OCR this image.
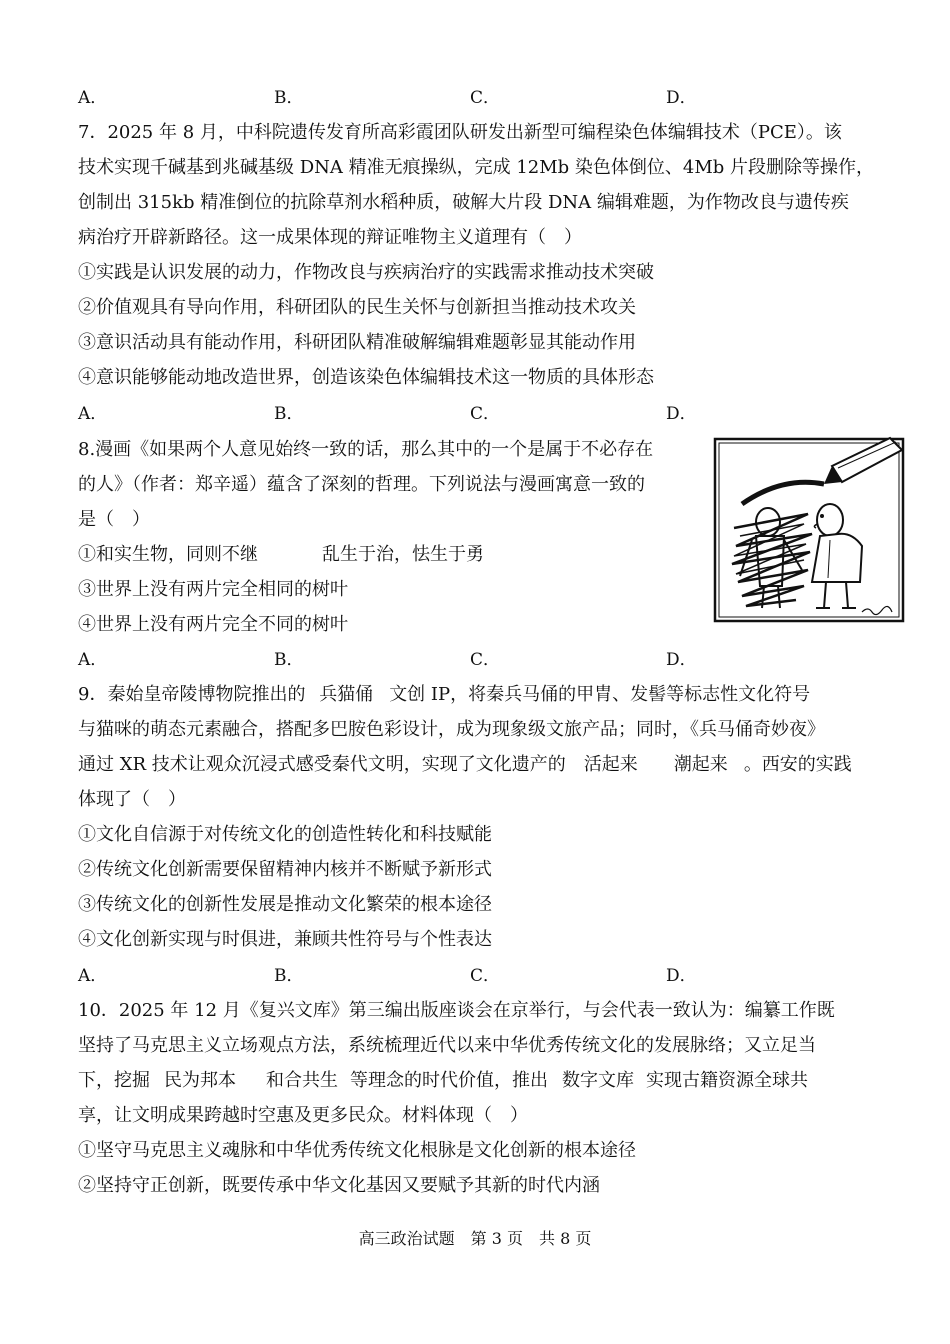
A．	B．	C．	D．
7．2025 年 8 月，中科院遗传发育所高彩霞团队研发出新型可编程染色体编辑技术（PCE）。该
技术实现千碱基到兆碱基级 DNA 精准无痕操纵，完成 12Mb 染色体倒位、4Mb 片段删除等操作，
创制出 315kb 精准倒位的抗除草剂水稻种质，破解大片段 DNA 编辑难题，为作物改良与遗传疾
病治疗开辟新路径。这一成果体现的辩证唯物主义道理有（　）
①实践是认识发展的动力，作物改良与疾病治疗的实践需求推动技术突破
②价值观具有导向作用，科研团队的民生关怀与创新担当推动技术攻关
③意识活动具有能动作用，科研团队精准破解编辑难题彰显其能动作用
④意识能够能动地改造世界，创造该染色体编辑技术这一物质的具体形态
A．	B．	C．	D．
8.漫画《如果两个人意见始终一致的话，那么其中的一个是属于不必存在
的人》（作者：郑辛遥）蕴含了深刻的哲理。下列说法与漫画寓意一致的
是（　）
①和实生物，同则不继	乱生于治，怯生于勇
③世界上没有两片完全相同的树叶
④世界上没有两片完全不同的树叶
A．	B．	C．	D．
9．秦始皇帝陵博物院推出的 兵猫俑 文创 IP，将秦兵马俑的甲胄、发髻等标志性文化符号
与猫咪的萌态元素融合，搭配多巴胺色彩设计，成为现象级文旅产品；同时，《兵马俑奇妙夜》
通过 XR 技术让观众沉浸式感受秦代文明，实现了文化遗产的 活起来 潮起来 。西安的实践
体现了（　）
①文化自信源于对传统文化的创造性转化和科技赋能
②传统文化创新需要保留精神内核并不断赋予新形式
③传统文化的创新性发展是推动文化繁荣的根本途径
④文化创新实现与时俱进，兼顾共性符号与个性表达
A．	B．	C．	D．
10．2025 年 12 月《复兴文库》第三编出版座谈会在京举行，与会代表一致认为：编纂工作既
坚持了马克思主义立场观点方法，系统梳理近代以来中华优秀传统文化的发展脉络；又立足当
下，挖掘 民为邦本 和合共生 等理念的时代价值，推出 数字文库 实现古籍资源全球共
享，让文明成果跨越时空惠及更多民众。材料体现（　）
①坚守马克思主义魂脉和中华优秀传统文化根脉是文化创新的根本途径
②坚持守正创新，既要传承中华文化基因又要赋予其新的时代内涵
高三政治试题　第 3 页　共 8 页
